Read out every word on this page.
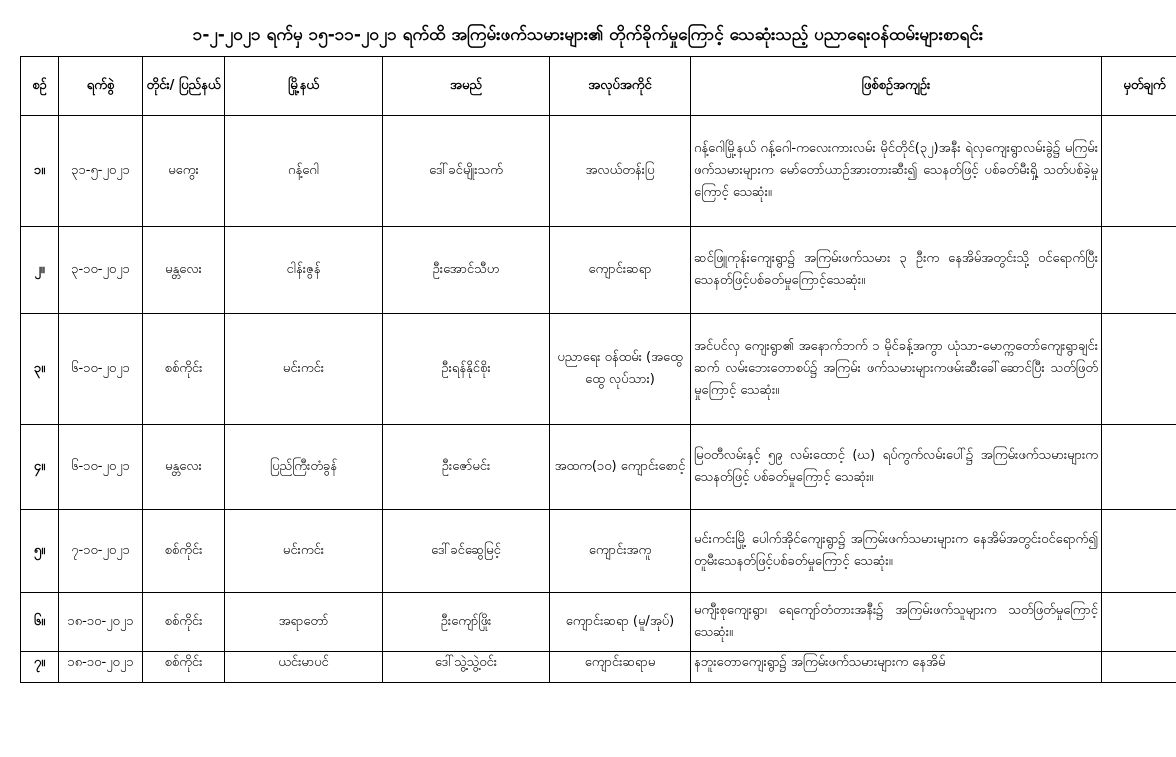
၁-၂-၂၀၂၁ ရက်မှ ၁၅-၁၁-၂၀၂၁ ရက်ထိ အကြမ်းဖက်သမားများ၏ တိုက်ခိုက်မှုကြောင့် သေဆုံးသည့် ပညာရေးဝန်ထမ်းများစာရင်း
စဉ်	ရက်စွဲ	တိုင်း/ ပြည်နယ်	မြို့နယ်	အမည်	အလုပ်အကိုင်	ဖြစ်စဉ်အကျဉ်း	မှတ်ချက်
၁။	၃၁-၅-၂၀၂၁	မကွေး	ဂန့်ဂေါ	ဒေါ်ခင်မျိုးသက်	အလယ်တန်းပြ	ဂန့်ဂေါမြို့နယ် ဂန့်ဂေါ-ကလေးကားလမ်း မိုင်တိုင်(၃၂)အနီး ရဲလှကျေးရွာလမ်းခွဲ၌ မကြမ်းဖက်သမားများက မော်တော်ယာဉ်အားတားဆီး၍ သေနတ်ဖြင့် ပစ်ခတ်မီးရှို့ သတ်ပစ်ခဲ့မှုကြောင့် သေဆုံး။	
၂။	၃-၁၀-၂၀၂၁	မန္တလေး	ငါန်းဇွန်	ဦးအောင်သီဟ	ကျောင်းဆရာ	ဆင်ဖြူကုန်းကျေးရွာ၌ အကြမ်းဖက်သမား ၃ ဦးက နေအိမ်အတွင်းသို့ ဝင်ရောက်ပြီး သေနတ်ဖြင့်ပစ်ခတ်မှုကြောင့်သေဆုံး။	
၃။	၆-၁၀-၂၀၂၁	စစ်ကိုင်း	မင်းကင်း	ဦးရန်နိုင်စိုး	ပညာရေး ဝန်ထမ်း (အထွေ ထွေ လုပ်သား)	အင်ပင်လှ ကျေးရွာ၏ အနောက်ဘက် ၁ မိုင်ခန့်အကွာ ယုံသာ-မောက္ကတော်ကျေးရွာချင်းဆက် လမ်းဘေးတောစပ်၌ အကြမ်း ဖက်သမားများကဖမ်းဆီးခေါ်ဆောင်ပြီး သတ်ဖြတ်မှုကြောင့် သေဆုံး။	
၄။	၆-၁၀-၂၀၂၁	မန္တလေး	ပြည်ကြီးတံခွန်	ဦးဇော်မင်း	အထက(၁၀) ကျောင်းစောင့်	မြဝတီလမ်းနှင့် ၅၉ လမ်းထောင့် (ဃ) ရပ်ကွက်လမ်းပေါ်၌ အကြမ်းဖက်သမားများက သေနတ်ဖြင့် ပစ်ခတ်မှုကြောင့် သေဆုံး။	
၅။	၇-၁၀-၂၀၂၁	စစ်ကိုင်း	မင်းကင်း	ဒေါ်ခင်ဆွေမြင့်	ကျောင်းအကူ	မင်းကင်းမြို့ ပေါက်အိုင်ကျေးရွာ၌ အကြမ်းဖက်သမားများက နေအိမ်အတွင်းဝင်ရောက်၍ တူမီးသေနတ်ဖြင့်ပစ်ခတ်မှုကြောင့် သေဆုံး။	
၆။	၁၈-၁၀-၂၀၂၁	စစ်ကိုင်း	အရာတော်	ဦးကျော်ဖြိုး	ကျောင်းဆရာ (မူ/အုပ်)	မကျီးစုကျေးရွာ၊ ရေကျော်တံတားအနီး၌ အကြမ်းဖက်သူများက သတ်ဖြတ်မှုကြောင့် သေဆုံး။	
၇။	၁၈-၁၀-၂၀၂၁	စစ်ကိုင်း	ယင်းမာပင်	ဒေါ်သွဲ့သွဲ့ဝင်း	ကျောင်းဆရာမ	နဘူးတောကျေးရွာ၌ အကြမ်းဖက်သမားများက နေအိမ်	
